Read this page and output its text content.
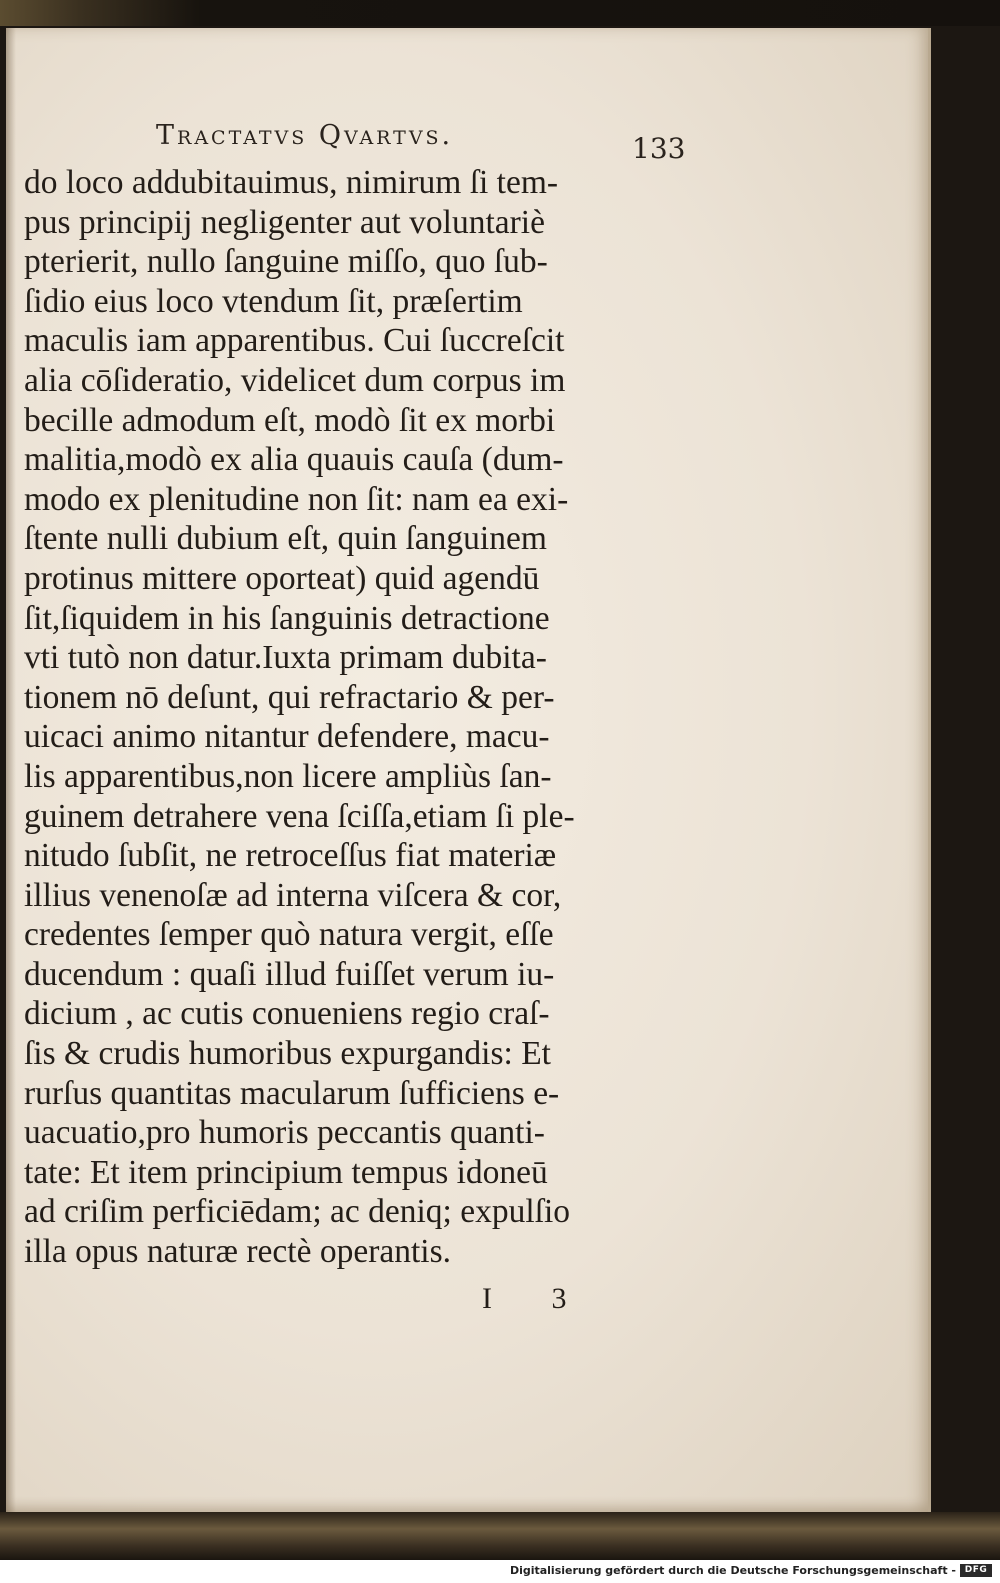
Tractatvs Qvartvs.	133
do loco addubitauimus, nimirum ſi tem-
pus principij negligenter aut voluntariè
pterierit, nullo ſanguine miſſo, quo ſub-
ſidio eius loco vtendum ſit, præſertim
maculis iam apparentibus. Cui ſuccreſcit
alia cōſideratio, videlicet dum corpus im
becille admodum eſt, modò ſit ex morbi
malitia,modò ex alia quauis cauſa (dum-
modo ex plenitudine non ſit: nam ea exi-
ſtente nulli dubium eſt, quin ſanguinem
protinus mittere oporteat) quid agendū
ſit,ſiquidem in his ſanguinis detractione
vti tutò non datur.Iuxta primam dubita-
tionem nō deſunt, qui refractario & per-
uicaci animo nitantur defendere, macu-
lis apparentibus,non licere ampliùs ſan-
guinem detrahere vena ſciſſa,etiam ſi ple-
nitudo ſubſit, ne retroceſſus fiat materiæ
illius venenoſæ ad interna viſcera & cor,
credentes ſemper quò natura vergit, eſſe
ducendum : quaſi illud fuiſſet verum iu-
dicium , ac cutis conueniens regio craſ-
ſis & crudis humoribus expurgandis: Et
rurſus quantitas macularum ſufficiens e-
uacuatio,pro humoris peccantis quanti-
tate: Et item principium tempus idoneū
ad criſim perficiēdam; ac deniq; expulſio
illa opus naturæ rectè operantis.
I 3
Digitalisierung gefördert durch die Deutsche Forschungsgemeinschaft - DFG
